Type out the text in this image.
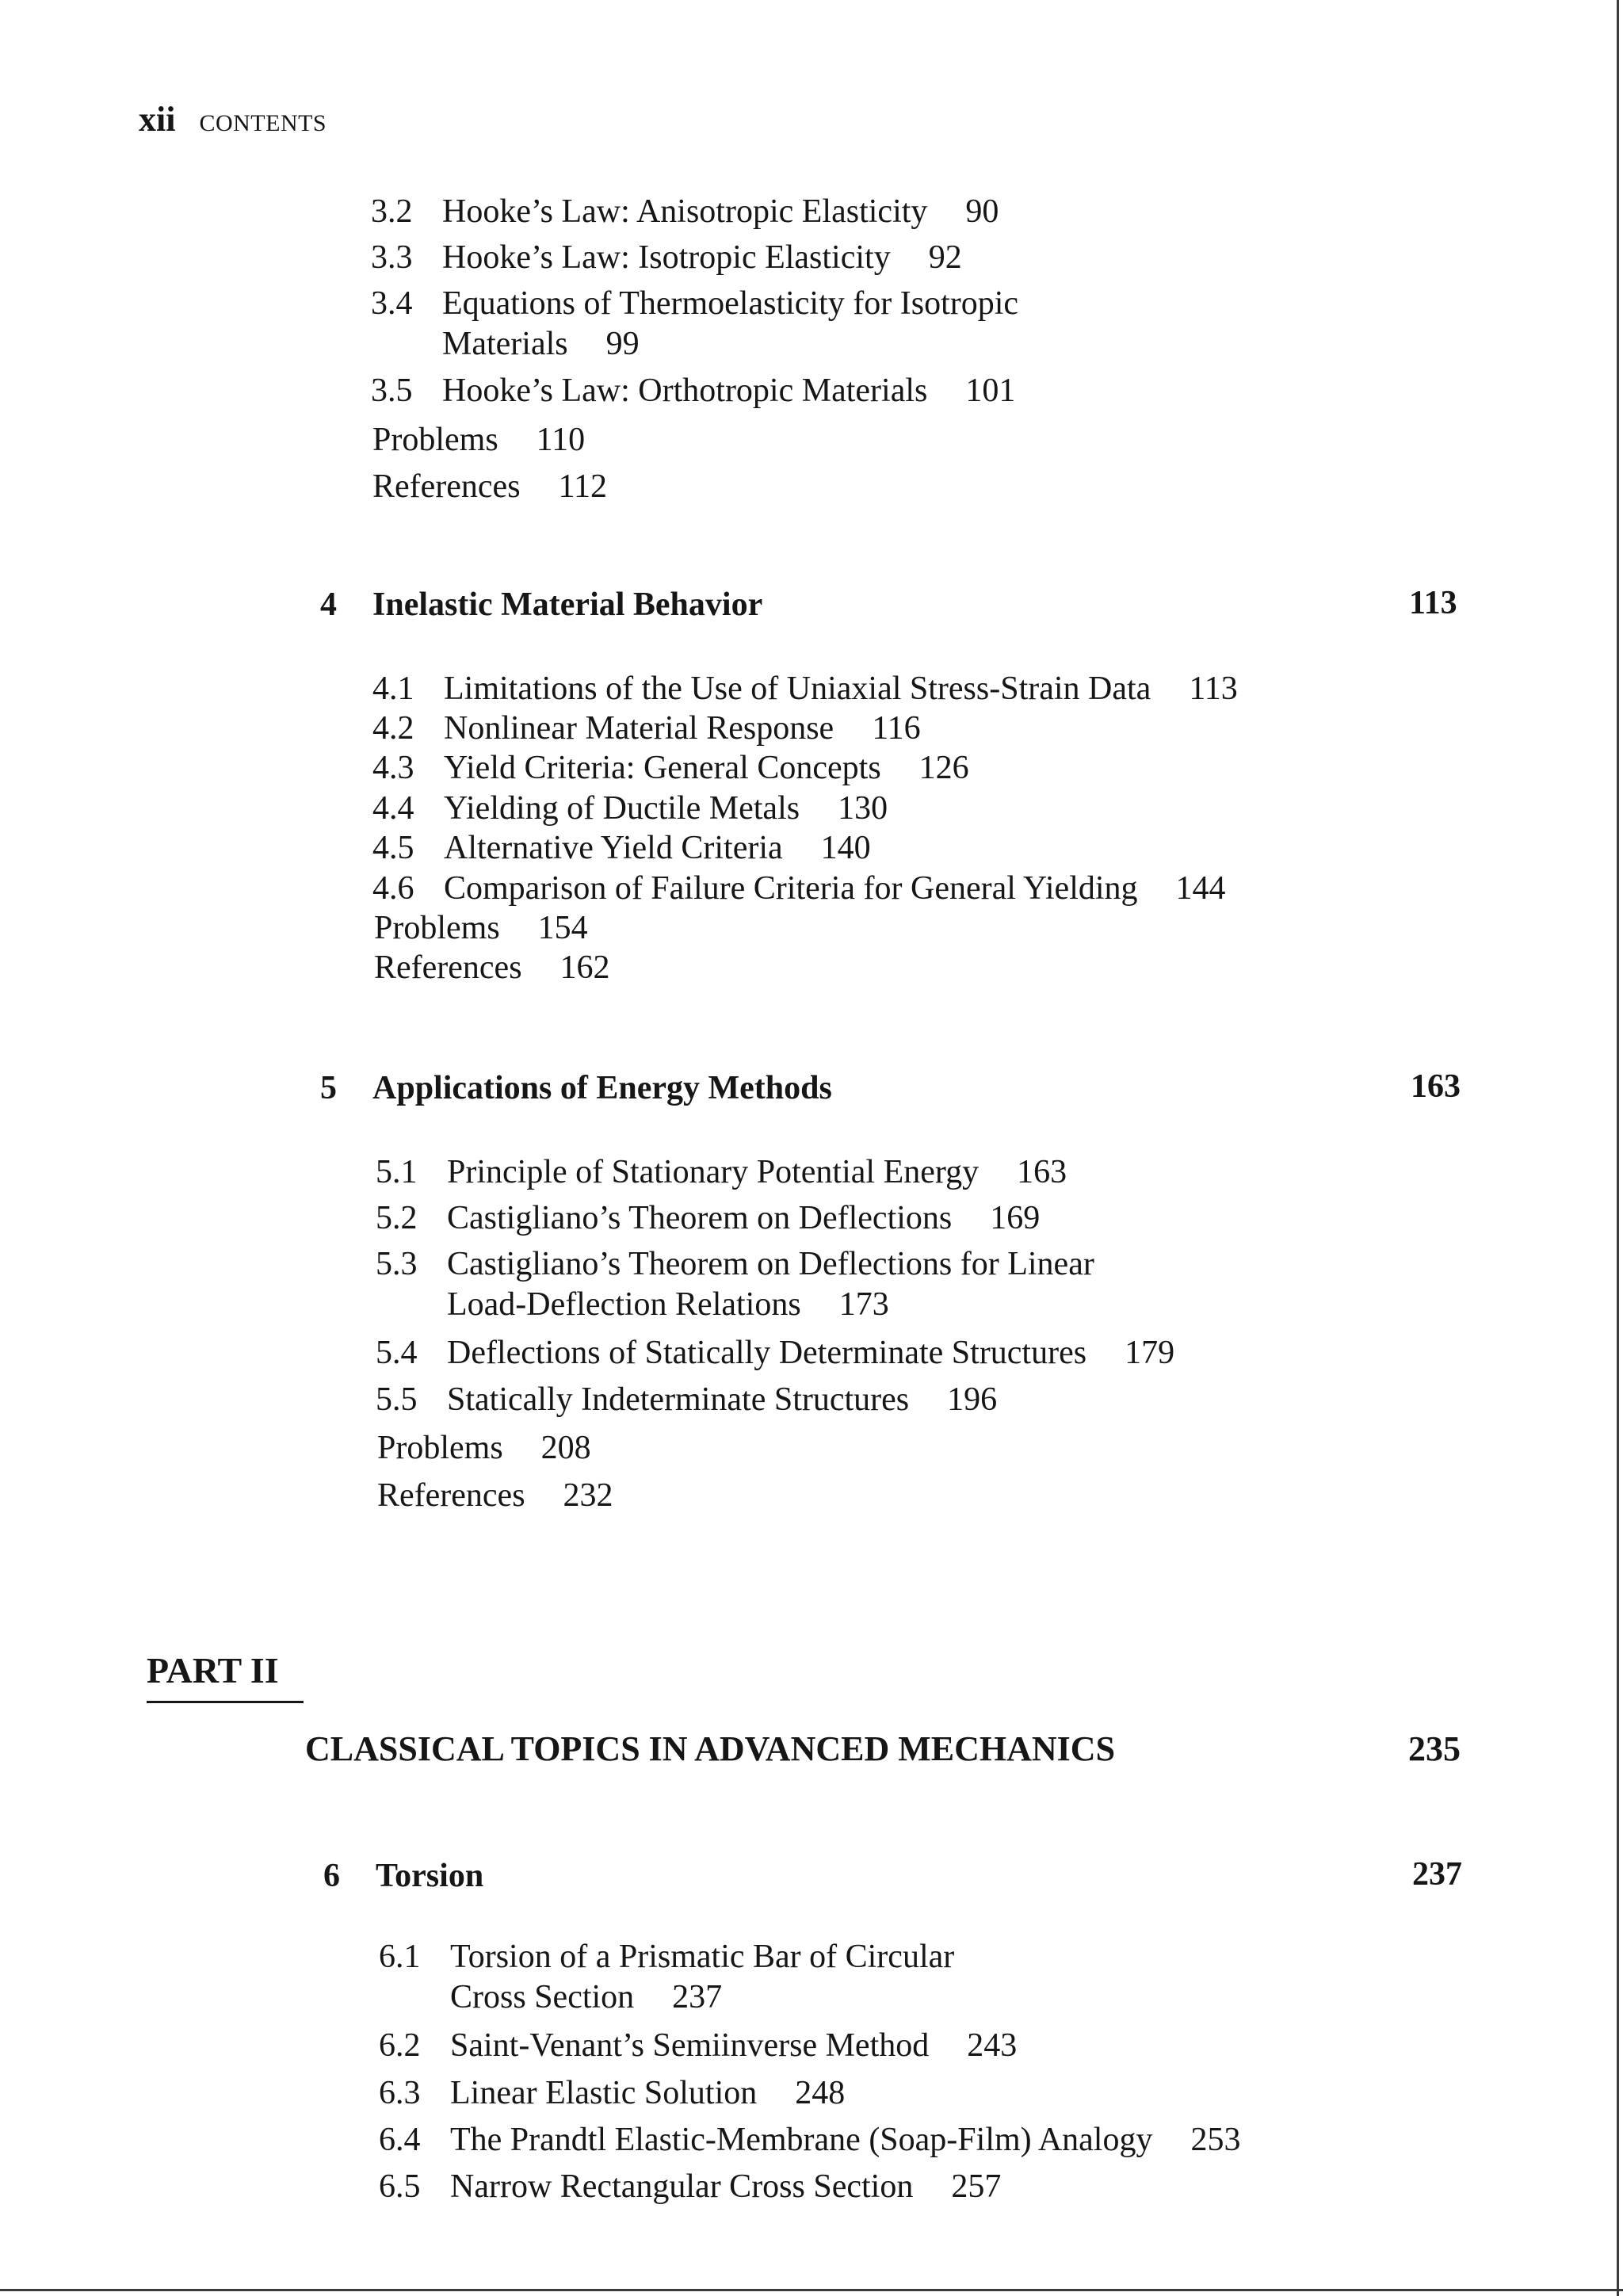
xii CONTENTS
3.2 Hooke’s Law: Anisotropic Elasticity 90
3.3 Hooke’s Law: Isotropic Elasticity 92
3.4 Equations of Thermoelasticity for Isotropic
Materials 99
3.5 Hooke’s Law: Orthotropic Materials 101
Problems 110
References 112
4 Inelastic Material Behavior	113
4.1 Limitations of the Use of Uniaxial Stress-Strain Data 113
4.2 Nonlinear Material Response 116
4.3 Yield Criteria: General Concepts 126
4.4 Yielding of Ductile Metals 130
4.5 Alternative Yield Criteria 140
4.6 Comparison of Failure Criteria for General Yielding 144
Problems 154
References 162
5 Applications of Energy Methods	163
5.1 Principle of Stationary Potential Energy 163
5.2 Castigliano’s Theorem on Deflections 169
5.3 Castigliano’s Theorem on Deflections for Linear
Load-Deflection Relations 173
5.4 Deflections of Statically Determinate Structures 179
5.5 Statically Indeterminate Structures 196
Problems 208
References 232
PART II
CLASSICAL TOPICS IN ADVANCED MECHANICS	235
6 Torsion	237
6.1 Torsion of a Prismatic Bar of Circular
Cross Section 237
6.2 Saint-Venant’s Semiinverse Method 243
6.3 Linear Elastic Solution 248
6.4 The Prandtl Elastic-Membrane (Soap-Film) Analogy 253
6.5 Narrow Rectangular Cross Section 257
